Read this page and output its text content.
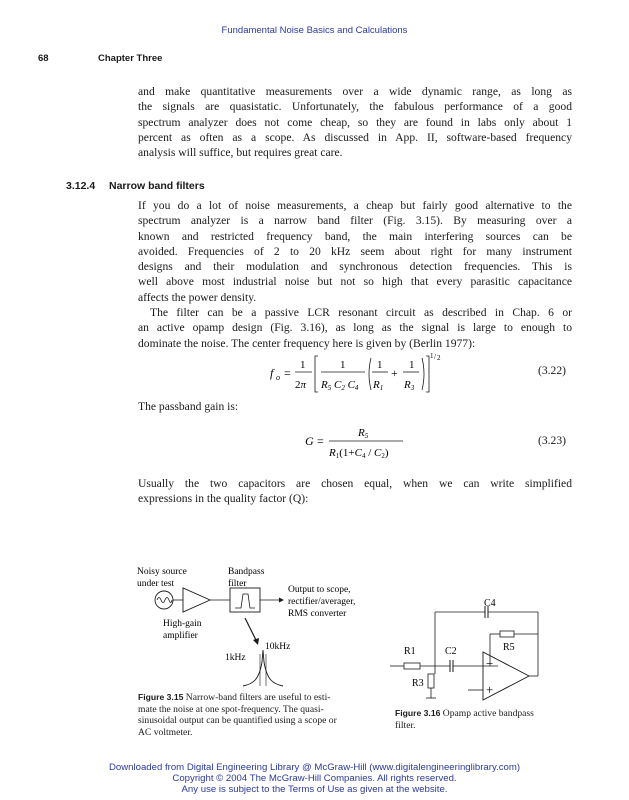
Fundamental Noise Basics and Calculations
68	Chapter Three
and make quantitative measurements over a wide dynamic range, as long as
the signals are quasistatic. Unfortunately, the fabulous performance of a good
spectrum analyzer does not come cheap, so they are found in labs only about 1
percent as often as a scope. As discussed in App. II, software-based frequency
analysis will suffice, but requires great care.
3.12.4 Narrow band filters
If you do a lot of noise measurements, a cheap but fairly good alternative to the
spectrum analyzer is a narrow band filter (Fig. 3.15). By measuring over a
known and restricted frequency band, the main interfering sources can be
avoided. Frequencies of 2 to 20 kHz seem about right for many instrument
designs and their modulation and synchronous detection frequencies. This is
well above most industrial noise but not so high that every parasitic capacitance
affects the power density.
The filter can be a passive LCR resonant circuit as described in Chap. 6 or
an active opamp design (Fig. 3.16), as long as the signal is large to enough to
dominate the noise. The center frequency here is given by (Berlin 1977):
f o =
1
2π
1
R5 C2 C4
1
R1
+
1
R3
1 / 2
(3.22)
The passband gain is:
G =
R5
R1(1+C4 / C2)
(3.23)
Usually the two capacitors are chosen equal, when we can write simplified
expressions in the quality factor (Q):
Noisy source
under test
Bandpass
filter
Output to scope,
rectifier/averager,
RMS converter
High-gain
amplifier
1kHz
10kHz
Figure 3.15 Narrow-band filters are useful to esti-
mate the noise at one spot-frequency. The quasi-
sinusoidal output can be quantified using a scope or
AC voltmeter.
C4
R1	C2	R5
R3
−
+
Figure 3.16 Opamp active bandpass
filter.
Downloaded from Digital Engineering Library @ McGraw-Hill (www.digitalengineeringlibrary.com)
Copyright © 2004 The McGraw-Hill Companies. All rights reserved.
Any use is subject to the Terms of Use as given at the website.
